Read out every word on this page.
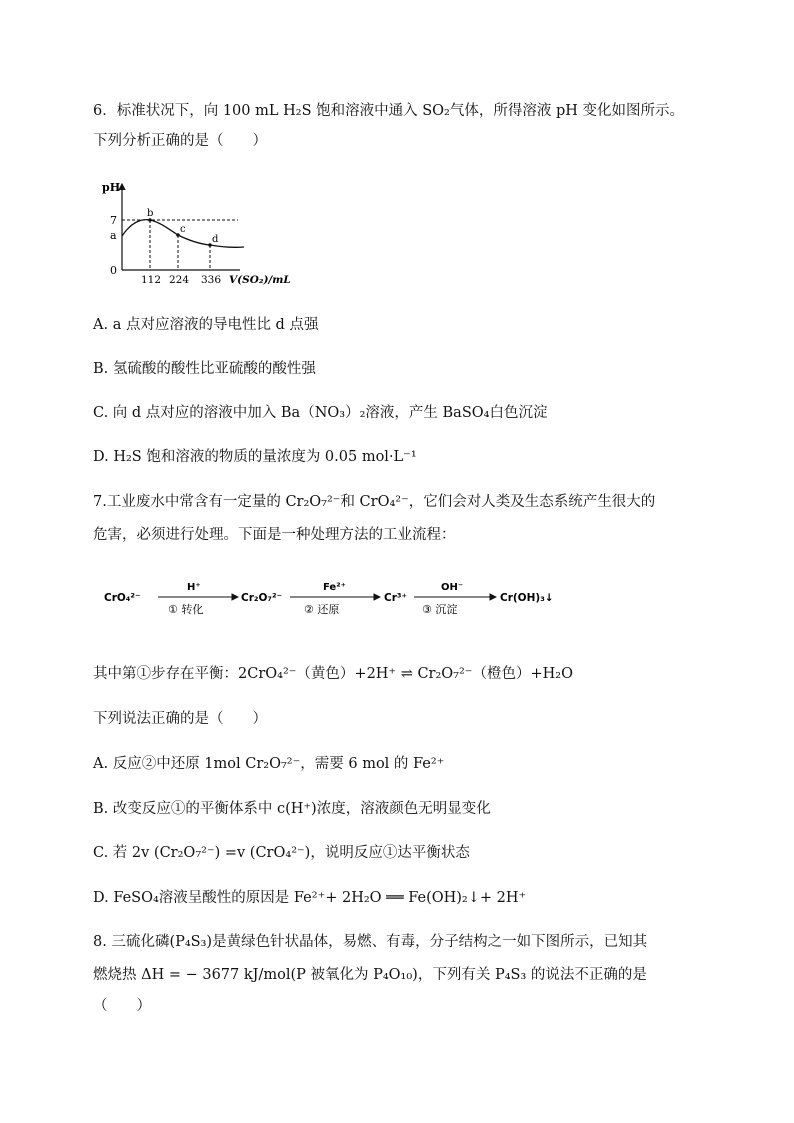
6．标准状况下，向 100 mL H₂S 饱和溶液中通入 SO₂气体，所得溶液 pH 变化如图所示。
下列分析正确的是（　　）
pH
0
a
7
b
c
d
112 224 336 V(SO₂)/mL
A. a 点对应溶液的导电性比 d 点强
B. 氢硫酸的酸性比亚硫酸的酸性强
C. 向 d 点对应的溶液中加入 Ba（NO₃）₂溶液，产生 BaSO₄白色沉淀
D. H₂S 饱和溶液的物质的量浓度为 0.05 mol·L⁻¹
7.工业废水中常含有一定量的 Cr₂O₇²⁻和 CrO₄²⁻，它们会对人类及生态系统产生很大的
危害，必须进行处理。下面是一种处理方法的工业流程：
CrO₄²⁻
H⁺
① 转化
Cr₂O₇²⁻
Fe²⁺
② 还原
Cr³⁺
OH⁻
③ 沉淀
Cr(OH)₃↓
其中第①步存在平衡：2CrO₄²⁻（黄色）+2H⁺ ⇌ Cr₂O₇²⁻（橙色）+H₂O
下列说法正确的是（　　）
A. 反应②中还原 1mol Cr₂O₇²⁻，需要 6 mol 的 Fe²⁺
B. 改变反应①的平衡体系中 c(H⁺)浓度，溶液颜色无明显变化
C. 若 2v (Cr₂O₇²⁻) =v (CrO₄²⁻)，说明反应①达平衡状态
D. FeSO₄溶液呈酸性的原因是 Fe²⁺+ 2H₂O ══ Fe(OH)₂↓+ 2H⁺
8. 三硫化磷(P₄S₃)是黄绿色针状晶体，易燃、有毒，分子结构之一如下图所示，已知其
燃烧热 ΔH = − 3677 kJ/mol(P 被氧化为 P₄O₁₀)，下列有关 P₄S₃ 的说法不正确的是
（　　）
